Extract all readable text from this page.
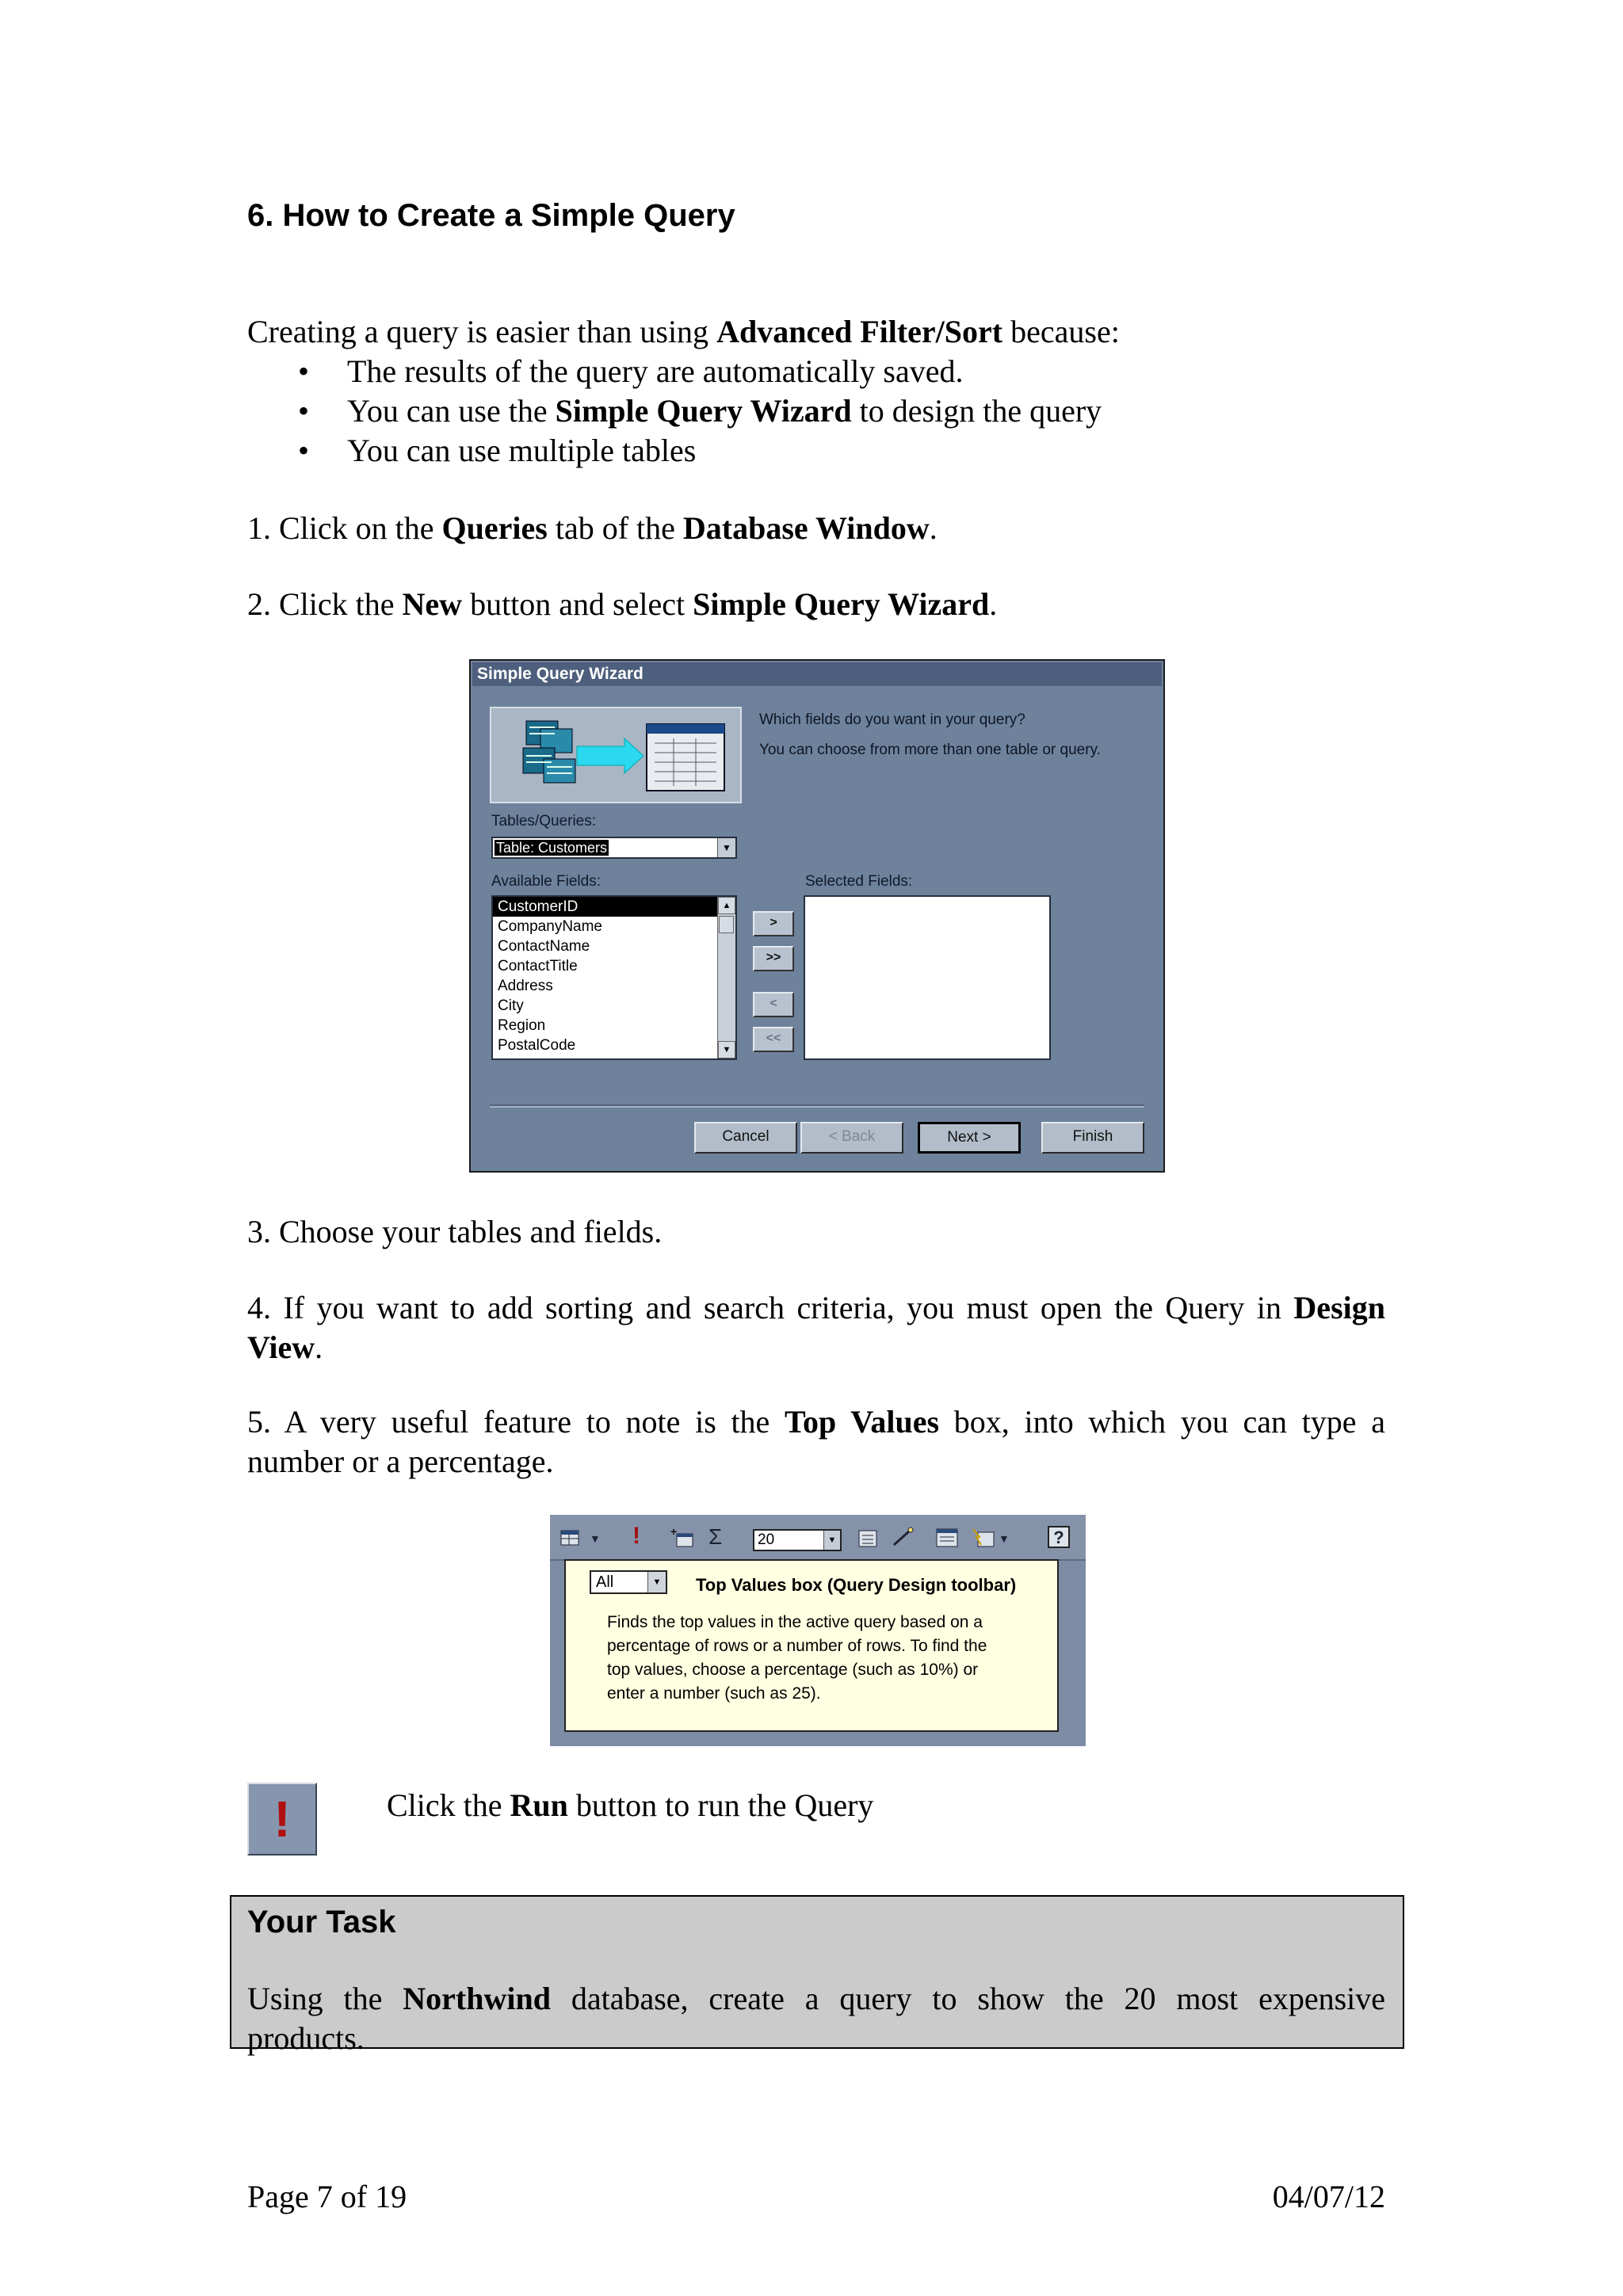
6. How to Create a Simple Query
Creating a query is easier than using Advanced Filter/Sort because:
• The results of the query are automatically saved.
• You can use the Simple Query Wizard to design the query
• You can use multiple tables
1. Click on the Queries tab of the Database Window.
2. Click the New button and select Simple Query Wizard.
Simple Query Wizard
Which fields do you want in your query?
You can choose from more than one table or query.
Tables/Queries:
Table: Customers	▼
Available Fields:	Selected Fields:
CustomerID
CompanyName
ContactName
ContactTitle
Address
City
Region
PostalCode
▲
▼
>
>>
<
<<
Cancel	< Back	Next >	Finish
3. Choose your tables and fields.
4. If you want to add sorting and search criteria, you must open the Query in Design
View.
5. A very useful feature to note is the Top Values box, into which you can type a
number or a percentage.
▼ !	+ Σ	20	▼	▼	?
All	▼ Top Values box (Query Design toolbar)
Finds the top values in the active query based on a
percentage of rows or a number of rows. To find the
top values, choose a percentage (such as 10%) or
enter a number (such as 25).
!	Click the Run button to run the Query
Your Task
Using the Northwind database, create a query to show the 20 most expensive
products.
Page 7 of 19	04/07/12
